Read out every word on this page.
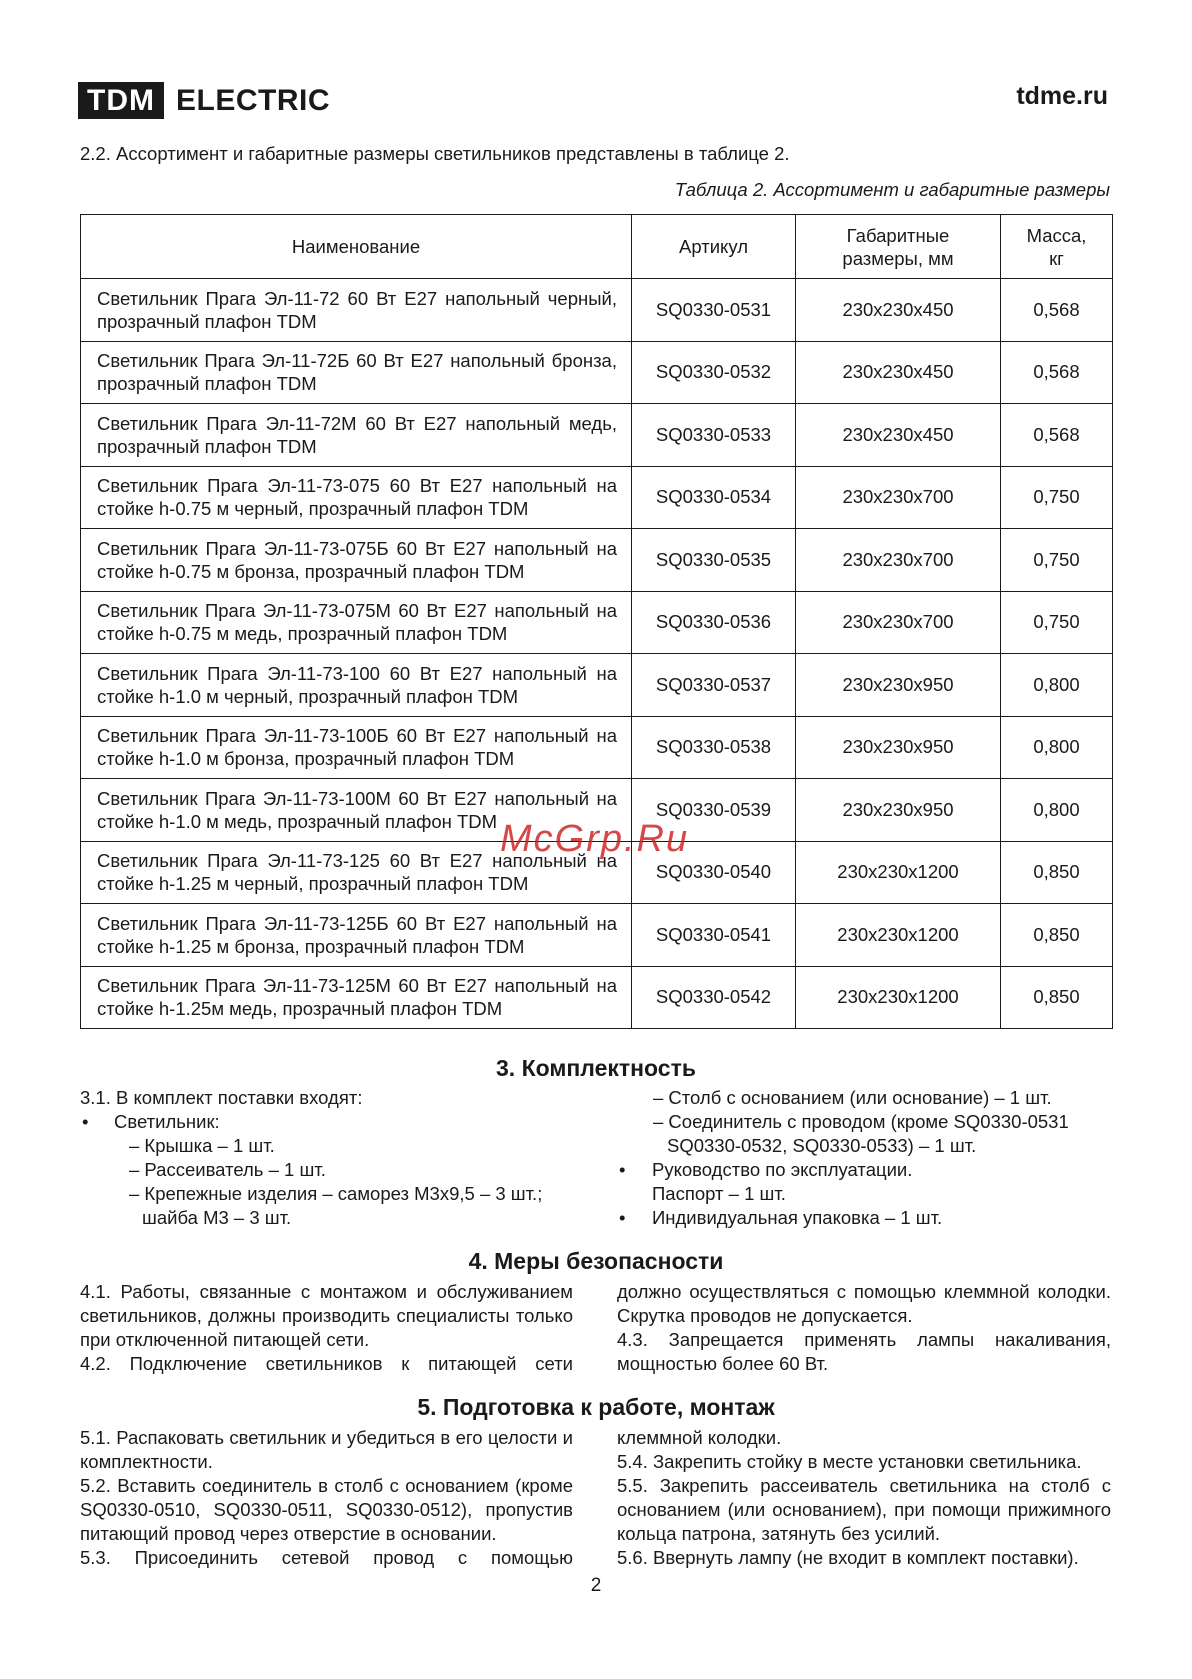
TDM ELECTRIC	tdme.ru
2.2. Ассортимент и габаритные размеры светильников представлены в таблице 2.
Таблица 2. Ассортимент и габаритные размеры
Наименование	Артикул	Габаритные размеры, мм	Масса, кг
Светильник Прага Эл-11-72 60 Вт Е27 напольный черный, прозрачный плафон TDM	SQ0330-0531	230x230x450	0,568
Светильник Прага Эл-11-72Б 60 Вт Е27 напольный бронза, прозрачный плафон TDM	SQ0330-0532	230x230x450	0,568
Светильник Прага Эл-11-72М 60 Вт Е27 напольный медь, прозрачный плафон TDM	SQ0330-0533	230x230x450	0,568
Светильник Прага Эл-11-73-075 60 Вт Е27 напольный на стойке h-0.75 м черный, прозрачный плафон TDM	SQ0330-0534	230x230x700	0,750
Светильник Прага Эл-11-73-075Б 60 Вт Е27 напольный на стойке h-0.75 м бронза, прозрачный плафон TDM	SQ0330-0535	230x230x700	0,750
Светильник Прага Эл-11-73-075М 60 Вт Е27 напольный на стойке h-0.75 м медь, прозрачный плафон TDM	SQ0330-0536	230x230x700	0,750
Светильник Прага Эл-11-73-100 60 Вт Е27 напольный на стойке h-1.0 м черный, прозрачный плафон TDM	SQ0330-0537	230x230x950	0,800
Светильник Прага Эл-11-73-100Б 60 Вт Е27 напольный на стойке h-1.0 м бронза, прозрачный плафон TDM	SQ0330-0538	230x230x950	0,800
Светильник Прага Эл-11-73-100М 60 Вт Е27 напольный на стойке h-1.0 м медь, прозрачный плафон TDM	SQ0330-0539	230x230x950	0,800
Светильник Прага Эл-11-73-125 60 Вт Е27 напольный на стойке h-1.25 м черный, прозрачный плафон TDM	SQ0330-0540	230x230x1200	0,850
Светильник Прага Эл-11-73-125Б 60 Вт Е27 напольный на стойке h-1.25 м бронза, прозрачный плафон TDM	SQ0330-0541	230x230x1200	0,850
Светильник Прага Эл-11-73-125М 60 Вт Е27 напольный на стойке h-1.25м медь, прозрачный плафон TDM	SQ0330-0542	230x230x1200	0,850
3. Комплектность

3.1. В комплект поставки входят:

• Светильник:

– Крышка – 1 шт.

– Рассеиватель – 1 шт.

– Крепежные изделия – саморез М3x9,5 – 3 шт.;

шайба М3 – 3 шт.

– Столб с основанием (или основание) – 1 шт.

– Соединитель с проводом (кроме SQ0330-0531

SQ0330-0532, SQ0330-0533) – 1 шт.

• Руководство по эксплуатации.

Паспорт – 1 шт.

• Индивидуальная упаковка – 1 шт.

4. Меры безопасности

4.1. Работы, связанные с монтажом и обслуживанием светильников, должны производить специалисты только при отключенной питающей сети.

4.2. Подключение светильников к питающей сети

должно осуществляться с помощью клеммной колодки. Скрутка проводов не допускается.

4.3. Запрещается применять лампы накаливания, мощностью более 60 Вт.

5. Подготовка к работе, монтаж

5.1. Распаковать светильник и убедиться в его целости и комплектности.

5.2. Вставить соединитель в столб с основанием (кроме SQ0330-0510, SQ0330-0511, SQ0330-0512), пропустив питающий провод через отверстие в основании.

5.3. Присоединить сетевой провод с помощью

клеммной колодки.

5.4. Закрепить стойку в месте установки светильника.

5.5. Закрепить рассеиватель светильника на столб с основанием (или основанием), при помощи прижимного кольца патрона, затянуть без усилий.

5.6. Ввернуть лампу (не входит в комплект поставки).

McGrp.Ru
2
